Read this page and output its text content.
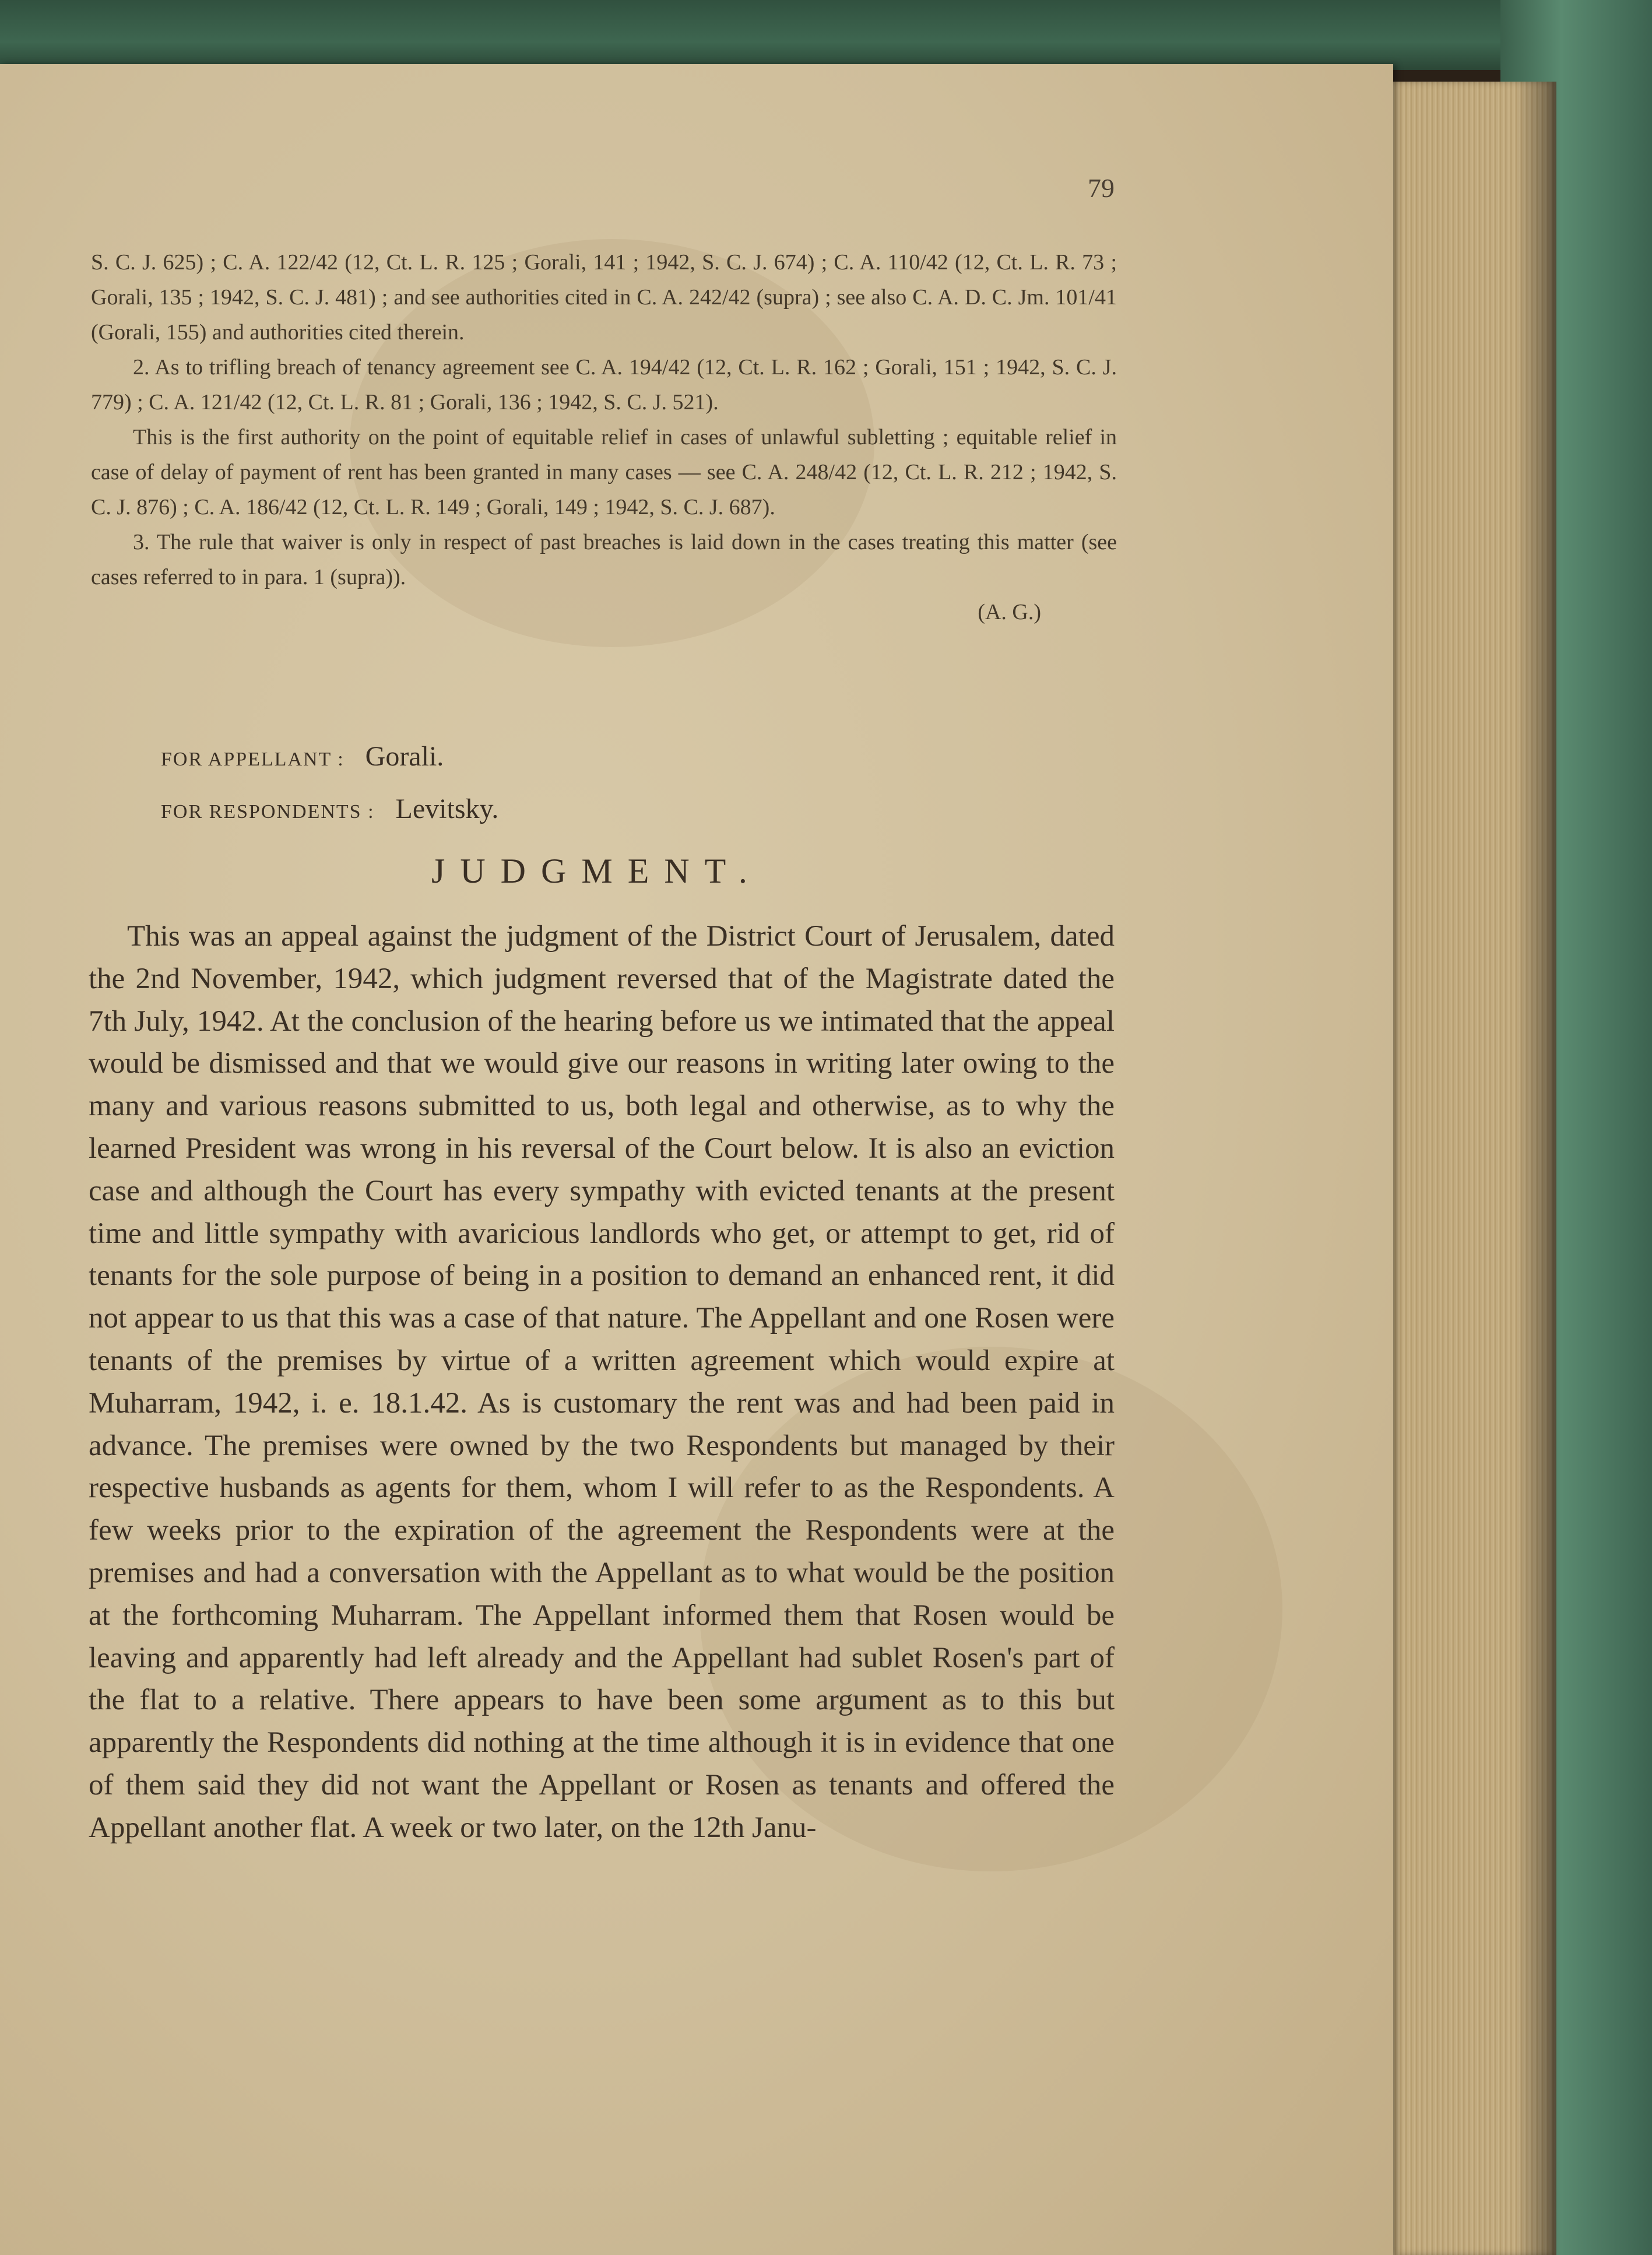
79

S. C. J. 625) ; C. A. 122/42 (12, Ct. L. R. 125 ; Gorali, 141 ; 1942, S. C. J. 674) ; C. A. 110/42 (12, Ct. L. R. 73 ; Gorali, 135 ; 1942, S. C. J. 481) ; and see authorities cited in C. A. 242/42 (supra) ; see also C. A. D. C. Jm. 101/41 (Gorali, 155) and authorities cited therein.

2. As to trifling breach of tenancy agreement see C. A. 194/42 (12, Ct. L. R. 162 ; Gorali, 151 ; 1942, S. C. J. 779) ; C. A. 121/42 (12, Ct. L. R. 81 ; Gorali, 136 ; 1942, S. C. J. 521).

This is the first authority on the point of equitable relief in cases of unlawful subletting ; equitable relief in case of delay of payment of rent has been granted in many cases — see C. A. 248/42 (12, Ct. L. R. 212 ; 1942, S. C. J. 876) ; C. A. 186/42 (12, Ct. L. R. 149 ; Gorali, 149 ; 1942, S. C. J. 687).

3. The rule that waiver is only in respect of past breaches is laid down in the cases treating this matter (see cases referred to in para. 1 (supra)).

(A. G.)

FOR APPELLANT : Gorali.
FOR RESPONDENTS : Levitsky.
JUDGMENT.

This was an appeal against the judgment of the District Court of Jerusalem, dated the 2nd November, 1942, which judgment reversed that of the Magistrate dated the 7th July, 1942. At the conclusion of the hearing before us we intimated that the appeal would be dismissed and that we would give our reasons in writing later owing to the many and various reasons submitted to us, both legal and otherwise, as to why the learned President was wrong in his reversal of the Court below. It is also an eviction case and although the Court has every sympathy with evicted tenants at the present time and little sympathy with avaricious landlords who get, or attempt to get, rid of tenants for the sole purpose of being in a position to demand an enhanced rent, it did not appear to us that this was a case of that nature. The Appellant and one Rosen were tenants of the premises by virtue of a written agreement which would expire at Muharram, 1942, i. e. 18.1.42. As is customary the rent was and had been paid in advance. The premises were owned by the two Respondents but managed by their respective husbands as agents for them, whom I will refer to as the Respondents. A few weeks prior to the expiration of the agreement the Respondents were at the premises and had a conversation with the Appellant as to what would be the position at the forthcoming Muharram. The Appellant informed them that Rosen would be leaving and apparently had left already and the Appellant had sublet Rosen's part of the flat to a relative. There appears to have been some argument as to this but apparently the Respondents did nothing at the time although it is in evidence that one of them said they did not want the Appellant or Rosen as tenants and offered the Appellant another flat. A week or two later, on the 12th Janu-
